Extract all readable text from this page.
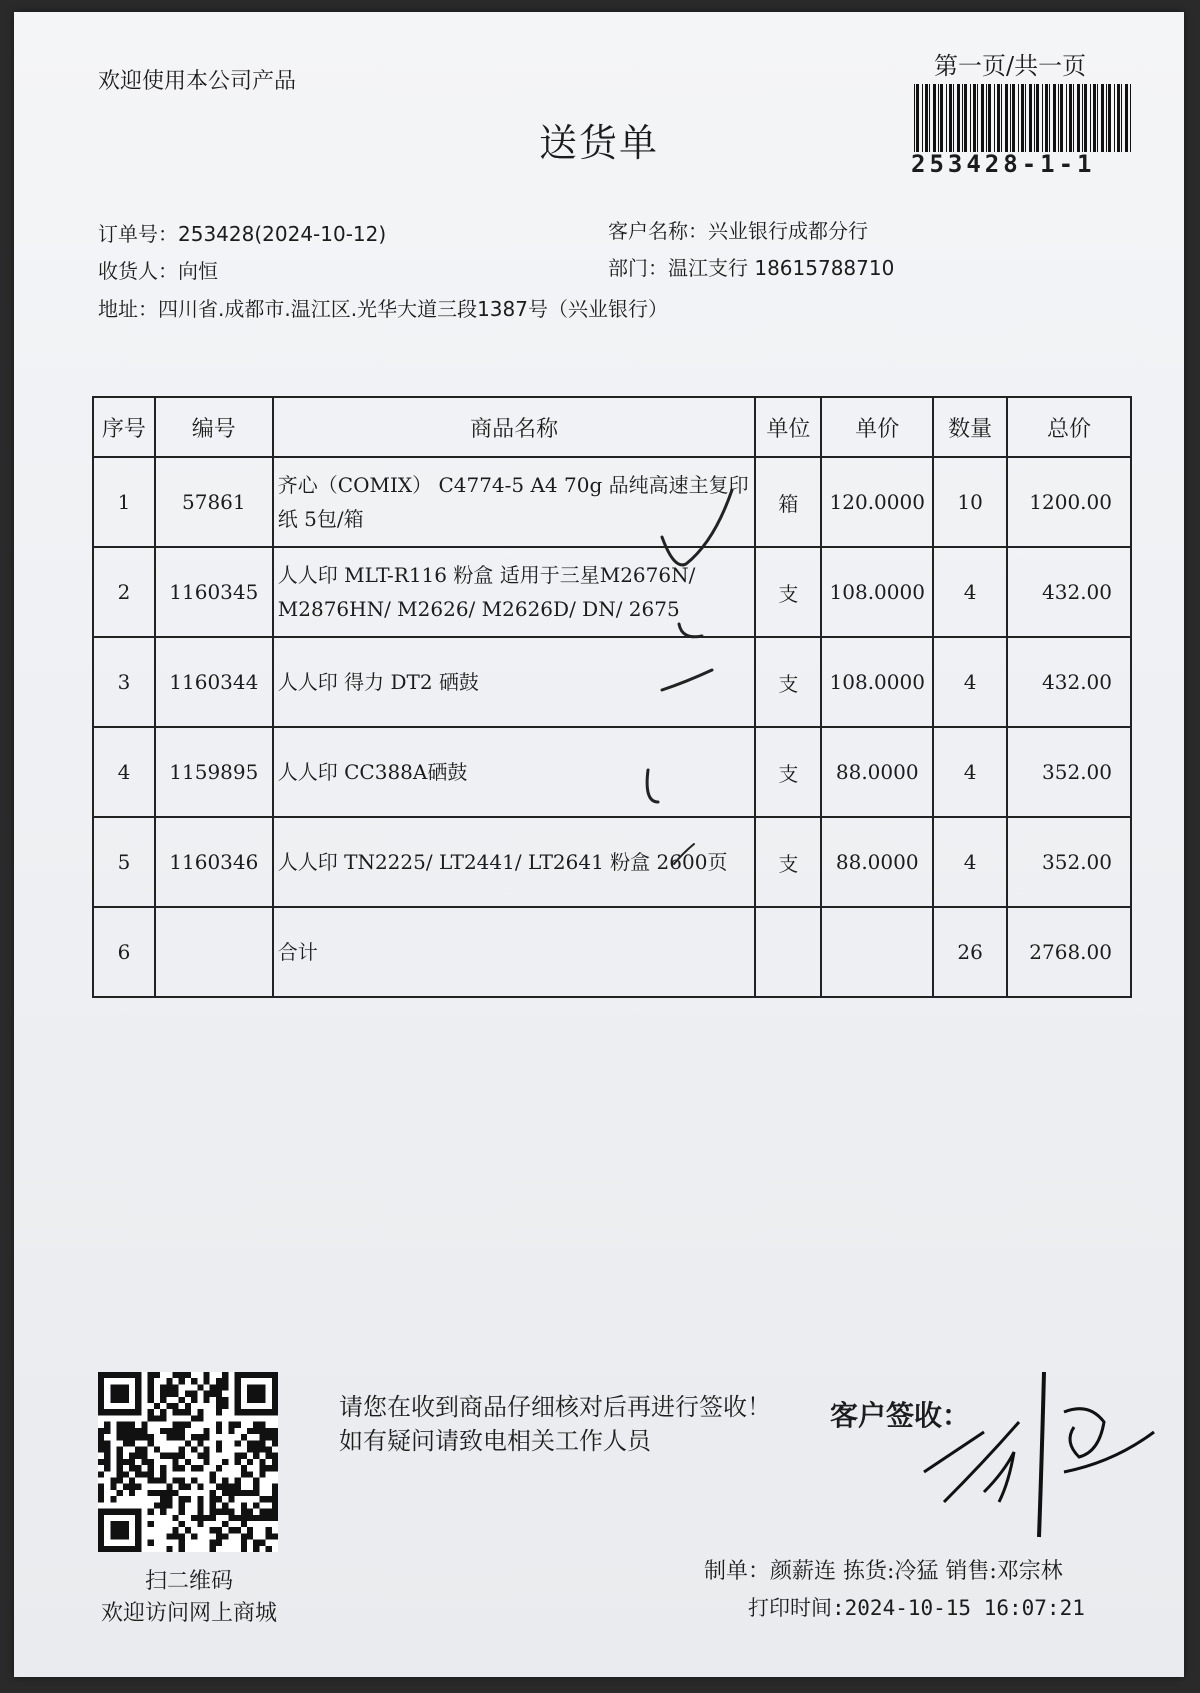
欢迎使用本公司产品
送货单
第一页/共一页
253428-1-1
订单号：253428(2024-10-12)	客户名称：兴业银行成都分行
收货人：向恒	部门：温江支行 18615788710
地址：四川省.成都市.温江区.光华大道三段1387号（兴业银行）
序号	编号	商品名称	单位	单价	数量	总价
1	57861	齐心（COMIX） C4774-5 A4 70g 品纯高速主复印纸 5包/箱	箱	120.0000	10	1200.00
2	1160345	人人印 MLT-R116 粉盒 适用于三星M2676N/ M2876HN/ M2626/ M2626D/ DN/ 2675	支	108.0000	4	432.00
3	1160344	人人印 得力 DT2 硒鼓	支	108.0000	4	432.00
4	1159895	人人印 CC388A硒鼓	支	88.0000	4	352.00
5	1160346	人人印 TN2225/ LT2441/ LT2641 粉盒 2600页	支	88.0000	4	352.00
6		合计			26	2768.00
扫二维码
欢迎访问网上商城
请您在收到商品仔细核对后再进行签收！如有疑问请致电相关工作人员
客户签收：
制单：颜薪连 拣货:冷猛 销售:邓宗林
打印时间:2024-10-15 16:07:21
